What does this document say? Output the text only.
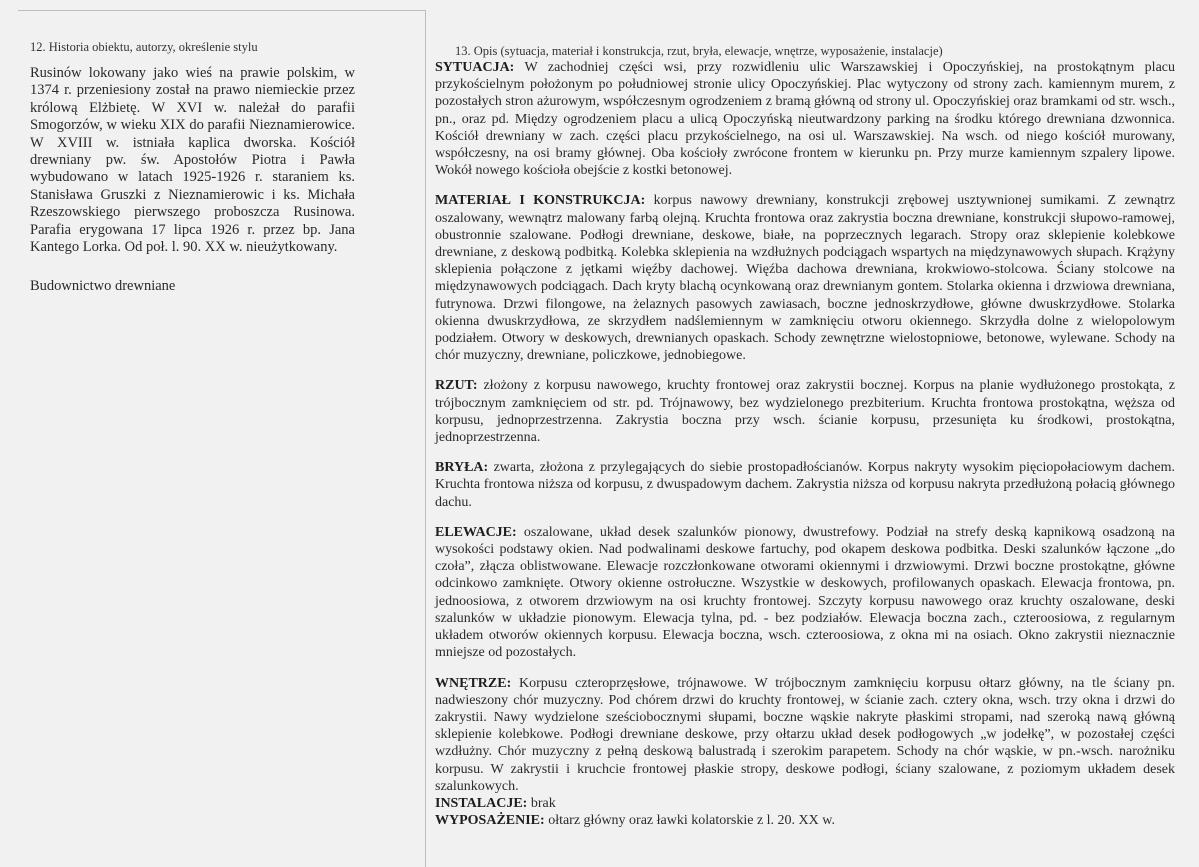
12. Historia obiektu, autorzy, określenie stylu

Rusinów lokowany jako wieś na prawie polskim, w 1374 r. przeniesiony został na prawo niemieckie przez królową Elżbietę. W XVI w. należał do parafii Smogorzów, w wieku XIX do parafii Nieznamierowice. W XVIII w. istniała kaplica dworska. Kościół drewniany pw. św. Apostołów Piotra i Pawła wybudowano w latach 1925-1926 r. staraniem ks. Stanisława Gruszki z Nieznamierowic i ks. Michała Rzeszowskiego pierwszego proboszcza Rusinowa. Parafia erygowana 17 lipca 1926 r. przez bp. Jana Kantego Lorka. Od poł. l. 90. XX w. nieużytkowany.

Budownictwo drewniane

13. Opis (sytuacja, materiał i konstrukcja, rzut, bryła, elewacje, wnętrze, wyposażenie, instalacje)

SYTUACJA: W zachodniej części wsi, przy rozwidleniu ulic Warszawskiej i Opoczyńskiej, na prostokątnym placu przykościelnym położonym po południowej stronie ulicy Opoczyńskiej. Plac wytyczony od strony zach. kamiennym murem, z pozostałych stron ażurowym, współczesnym ogrodzeniem z bramą główną od strony ul. Opoczyńskiej oraz bramkami od str. wsch., pn., oraz pd. Między ogrodzeniem placu a ulicą Opoczyńską nieutwardzony parking na środku którego drewniana dzwonnica. Kościół drewniany w zach. części placu przykościelnego, na osi ul. Warszawskiej. Na wsch. od niego kościół murowany, współczesny, na osi bramy głównej. Oba kościoły zwrócone frontem w kierunku pn. Przy murze kamiennym szpalery lipowe. Wokół nowego kościoła obejście z kostki betonowej.

MATERIAŁ I KONSTRUKCJA: korpus nawowy drewniany, konstrukcji zrębowej usztywnionej sumikami. Z zewnątrz oszalowany, wewnątrz malowany farbą olejną. Kruchta frontowa oraz zakrystia boczna drewniane, konstrukcji słupowo-ramowej, obustronnie szalowane. Podłogi drewniane, deskowe, białe, na poprzecznych legarach. Stropy oraz sklepienie kolebkowe drewniane, z deskową podbitką. Kolebka sklepienia na wzdłużnych podciągach wspartych na międzynawowych słupach. Krążyny sklepienia połączone z jętkami więźby dachowej. Więźba dachowa drewniana, krokwiowo-stolcowa. Ściany stolcowe na międzynawowych podciągach. Dach kryty blachą ocynkowaną oraz drewnianym gontem. Stolarka okienna i drzwiowa drewniana, futrynowa. Drzwi filongowe, na żelaznych pasowych zawiasach, boczne jednoskrzydłowe, główne dwuskrzydłowe. Stolarka okienna dwuskrzydłowa, ze skrzydłem nadślemiennym w zamknięciu otworu okiennego. Skrzydła dolne z wielopolowym podziałem. Otwory w deskowych, drewnianych opaskach. Schody zewnętrzne wielostopniowe, betonowe, wylewane. Schody na chór muzyczny, drewniane, policzkowe, jednobiegowe.

RZUT: złożony z korpusu nawowego, kruchty frontowej oraz zakrystii bocznej. Korpus na planie wydłużonego prostokąta, z trójbocznym zamknięciem od str. pd. Trójnawowy, bez wydzielonego prezbiterium. Kruchta frontowa prostokątna, węższa od korpusu, jednoprzestrzenna. Zakrystia boczna przy wsch. ścianie korpusu, przesunięta ku środkowi, prostokątna, jednoprzestrzenna.

BRYŁA: zwarta, złożona z przylegających do siebie prostopadłościanów. Korpus nakryty wysokim pięciopołaciowym dachem. Kruchta frontowa niższa od korpusu, z dwuspadowym dachem. Zakrystia niższa od korpusu nakryta przedłużoną połacią głównego dachu.

ELEWACJE: oszalowane, układ desek szalunków pionowy, dwustrefowy. Podział na strefy deską kapnikową osadzoną na wysokości podstawy okien. Nad podwalinami deskowe fartuchy, pod okapem deskowa podbitka. Deski szalunków łączone „do czoła”, złącza oblistwowane. Elewacje rozczłonkowane otworami okiennymi i drzwiowymi. Drzwi boczne prostokątne, główne odcinkowo zamknięte. Otwory okienne ostrołuczne. Wszystkie w deskowych, profilowanych opaskach. Elewacja frontowa, pn. jednoosiowa, z otworem drzwiowym na osi kruchty frontowej. Szczyty korpusu nawowego oraz kruchty oszalowane, deski szalunków w układzie pionowym. Elewacja tylna, pd. - bez podziałów. Elewacja boczna zach., czteroosiowa, z regularnym układem otworów okiennych korpusu. Elewacja boczna, wsch. czteroosiowa, z okna mi na osiach. Okno zakrystii nieznacznie mniejsze od pozostałych.

WNĘTRZE: Korpusu czteroprzęsłowe, trójnawowe. W trójbocznym zamknięciu korpusu ołtarz główny, na tle ściany pn. nadwieszony chór muzyczny. Pod chórem drzwi do kruchty frontowej, w ścianie zach. cztery okna, wsch. trzy okna i drzwi do zakrystii. Nawy wydzielone sześciobocznymi słupami, boczne wąskie nakryte płaskimi stropami, nad szeroką nawą główną sklepienie kolebkowe. Podłogi drewniane deskowe, przy ołtarzu układ desek podłogowych „w jodełkę”, w pozostałej części wzdłużny. Chór muzyczny z pełną deskową balustradą i szerokim parapetem. Schody na chór wąskie, w pn.-wsch. narożniku korpusu. W zakrystii i kruchcie frontowej płaskie stropy, deskowe podłogi, ściany szalowane, z poziomym układem desek szalunkowych.

INSTALACJE: brak

WYPOSAŻENIE: ołtarz główny oraz ławki kolatorskie z l. 20. XX w.
